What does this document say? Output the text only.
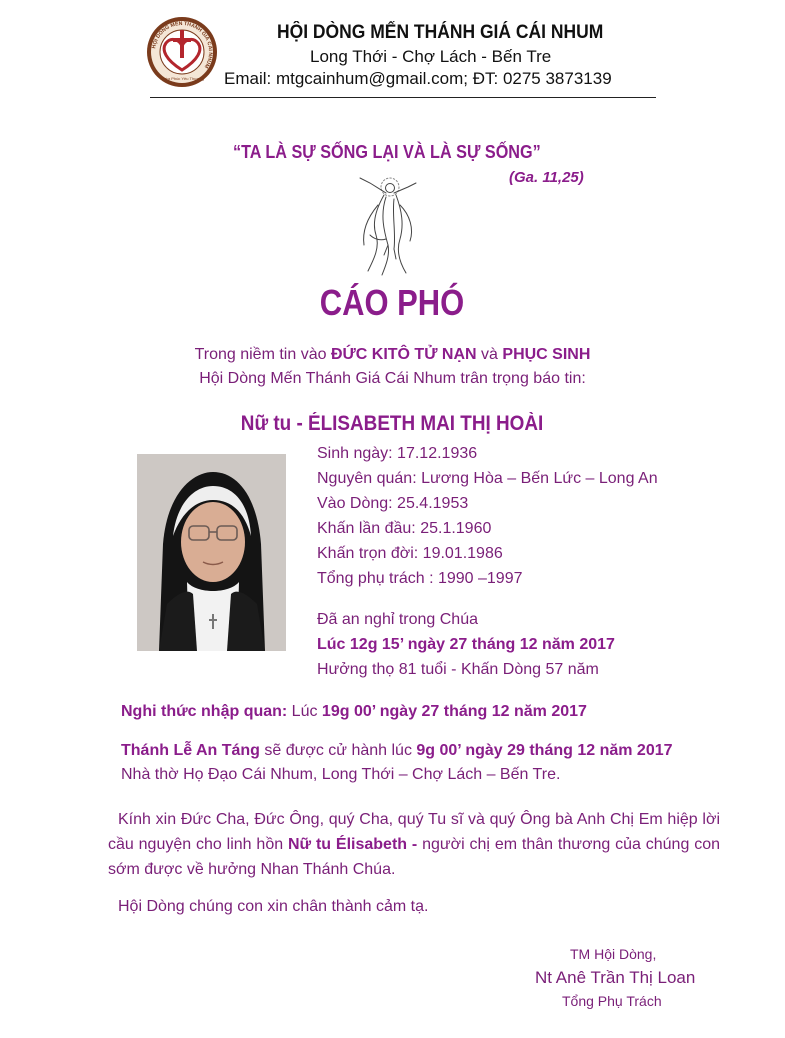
HỘI DÒNG MẾN THÁNH GIÁ CÁI NHUM
Chứa Phúc Yêu Thương
HỘI DÒNG MẾN THÁNH GIÁ CÁI NHUM
Long Thới - Chợ Lách - Bến Tre
Email: mtgcainhum@gmail.com; ĐT: 0275 3873139
“TA LÀ SỰ SỐNG LẠI VÀ LÀ SỰ SỐNG”
(Ga. 11,25)
CÁO PHÓ
Trong niềm tin vào ĐỨC KITÔ TỬ NẠN và PHỤC SINH
Hội Dòng Mến Thánh Giá Cái Nhum trân trọng báo tin:
Nữ tu - ÉLISABETH MAI THỊ HOÀI
Sinh ngày: 17.12.1936
Nguyên quán: Lương Hòa – Bến Lức – Long An
Vào Dòng: 25.4.1953
Khấn lần đầu: 25.1.1960
Khấn trọn đời: 19.01.1986
Tổng phụ trách : 1990 –1997
Đã an nghỉ trong Chúa
Lúc 12g 15’ ngày 27 tháng 12 năm 2017
Hưởng thọ 81 tuổi - Khấn Dòng 57 năm
Nghi thức nhập quan: Lúc 19g 00’ ngày 27 tháng 12 năm 2017
Thánh Lễ An Táng sẽ được cử hành lúc 9g 00’ ngày 29 tháng 12 năm 2017
Nhà thờ Họ Đạo Cái Nhum, Long Thới – Chợ Lách – Bến Tre.
Kính xin Đức Cha, Đức Ông, quý Cha, quý Tu sĩ và quý Ông bà Anh Chị Em hiệp lời cầu nguyện cho linh hồn Nữ tu Élisabeth - người chị em thân thương của chúng con sớm được về hưởng Nhan Thánh Chúa.
Hội Dòng chúng con xin chân thành cảm tạ.
TM Hội Dòng,
Nt Anê Trần Thị Loan
Tổng Phụ Trách
